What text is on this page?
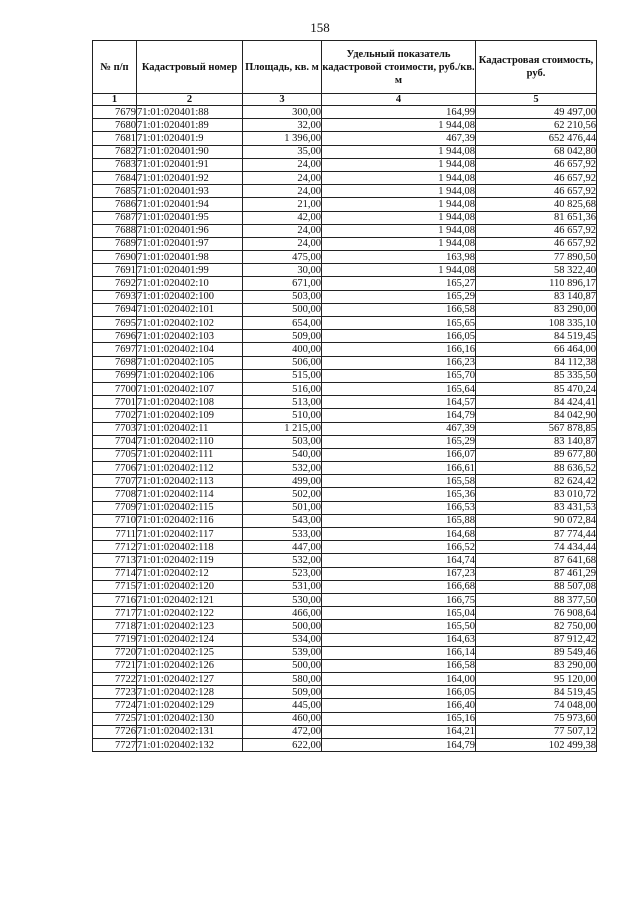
158
№ п/п	Кадастровый номер	Площадь, кв. м	Удельный показатель кадастровой стоимости, руб./кв. м	Кадастровая стоимость, руб.
1	2	3	4	5
7679	71:01:020401:88	300,00	164,99	49 497,00
7680	71:01:020401:89	32,00	1 944,08	62 210,56
7681	71:01:020401:9	1 396,00	467,39	652 476,44
7682	71:01:020401:90	35,00	1 944,08	68 042,80
7683	71:01:020401:91	24,00	1 944,08	46 657,92
7684	71:01:020401:92	24,00	1 944,08	46 657,92
7685	71:01:020401:93	24,00	1 944,08	46 657,92
7686	71:01:020401:94	21,00	1 944,08	40 825,68
7687	71:01:020401:95	42,00	1 944,08	81 651,36
7688	71:01:020401:96	24,00	1 944,08	46 657,92
7689	71:01:020401:97	24,00	1 944,08	46 657,92
7690	71:01:020401:98	475,00	163,98	77 890,50
7691	71:01:020401:99	30,00	1 944,08	58 322,40
7692	71:01:020402:10	671,00	165,27	110 896,17
7693	71:01:020402:100	503,00	165,29	83 140,87
7694	71:01:020402:101	500,00	166,58	83 290,00
7695	71:01:020402:102	654,00	165,65	108 335,10
7696	71:01:020402:103	509,00	166,05	84 519,45
7697	71:01:020402:104	400,00	166,16	66 464,00
7698	71:01:020402:105	506,00	166,23	84 112,38
7699	71:01:020402:106	515,00	165,70	85 335,50
7700	71:01:020402:107	516,00	165,64	85 470,24
7701	71:01:020402:108	513,00	164,57	84 424,41
7702	71:01:020402:109	510,00	164,79	84 042,90
7703	71:01:020402:11	1 215,00	467,39	567 878,85
7704	71:01:020402:110	503,00	165,29	83 140,87
7705	71:01:020402:111	540,00	166,07	89 677,80
7706	71:01:020402:112	532,00	166,61	88 636,52
7707	71:01:020402:113	499,00	165,58	82 624,42
7708	71:01:020402:114	502,00	165,36	83 010,72
7709	71:01:020402:115	501,00	166,53	83 431,53
7710	71:01:020402:116	543,00	165,88	90 072,84
7711	71:01:020402:117	533,00	164,68	87 774,44
7712	71:01:020402:118	447,00	166,52	74 434,44
7713	71:01:020402:119	532,00	164,74	87 641,68
7714	71:01:020402:12	523,00	167,23	87 461,29
7715	71:01:020402:120	531,00	166,68	88 507,08
7716	71:01:020402:121	530,00	166,75	88 377,50
7717	71:01:020402:122	466,00	165,04	76 908,64
7718	71:01:020402:123	500,00	165,50	82 750,00
7719	71:01:020402:124	534,00	164,63	87 912,42
7720	71:01:020402:125	539,00	166,14	89 549,46
7721	71:01:020402:126	500,00	166,58	83 290,00
7722	71:01:020402:127	580,00	164,00	95 120,00
7723	71:01:020402:128	509,00	166,05	84 519,45
7724	71:01:020402:129	445,00	166,40	74 048,00
7725	71:01:020402:130	460,00	165,16	75 973,60
7726	71:01:020402:131	472,00	164,21	77 507,12
7727	71:01:020402:132	622,00	164,79	102 499,38
